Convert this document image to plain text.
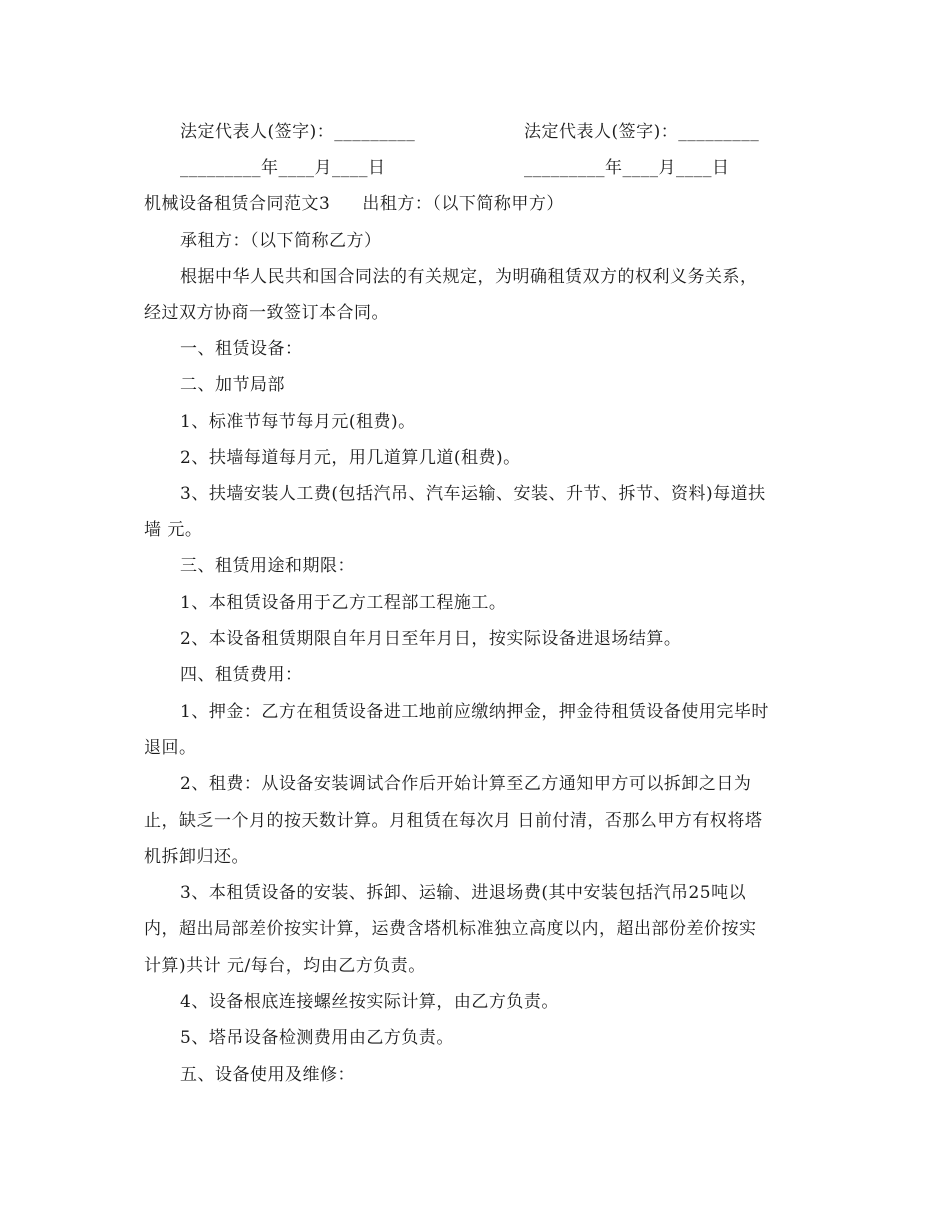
法定代表人(签字)：_________	法定代表人(签字)：_________
_________年____月____日	_________年____月____日
机械设备租赁合同范文3 出租方：（以下简称甲方）
承租方：（以下简称乙方）
根据中华人民共和国合同法的有关规定，为明确租赁双方的权利义务关系，
经过双方协商一致签订本合同。
一、租赁设备：
二、加节局部
1、标准节每节每月元(租费)。
2、扶墙每道每月元，用几道算几道(租费)。
3、扶墙安装人工费(包括汽吊、汽车运输、安装、升节、拆节、资料)每道扶
墙 元。
三、租赁用途和期限：
1、本租赁设备用于乙方工程部工程施工。
2、本设备租赁期限自年月日至年月日，按实际设备进退场结算。
四、租赁费用：
1、押金：乙方在租赁设备进工地前应缴纳押金，押金待租赁设备使用完毕时
退回。
2、租费：从设备安装调试合作后开始计算至乙方通知甲方可以拆卸之日为
止，缺乏一个月的按天数计算。月租赁在每次月 日前付清，否那么甲方有权将塔
机拆卸归还。
3、本租赁设备的安装、拆卸、运输、进退场费(其中安装包括汽吊25吨以
内，超出局部差价按实计算，运费含塔机标准独立高度以内，超出部份差价按实
计算)共计 元/每台，均由乙方负责。
4、设备根底连接螺丝按实际计算，由乙方负责。
5、塔吊设备检测费用由乙方负责。
五、设备使用及维修：
